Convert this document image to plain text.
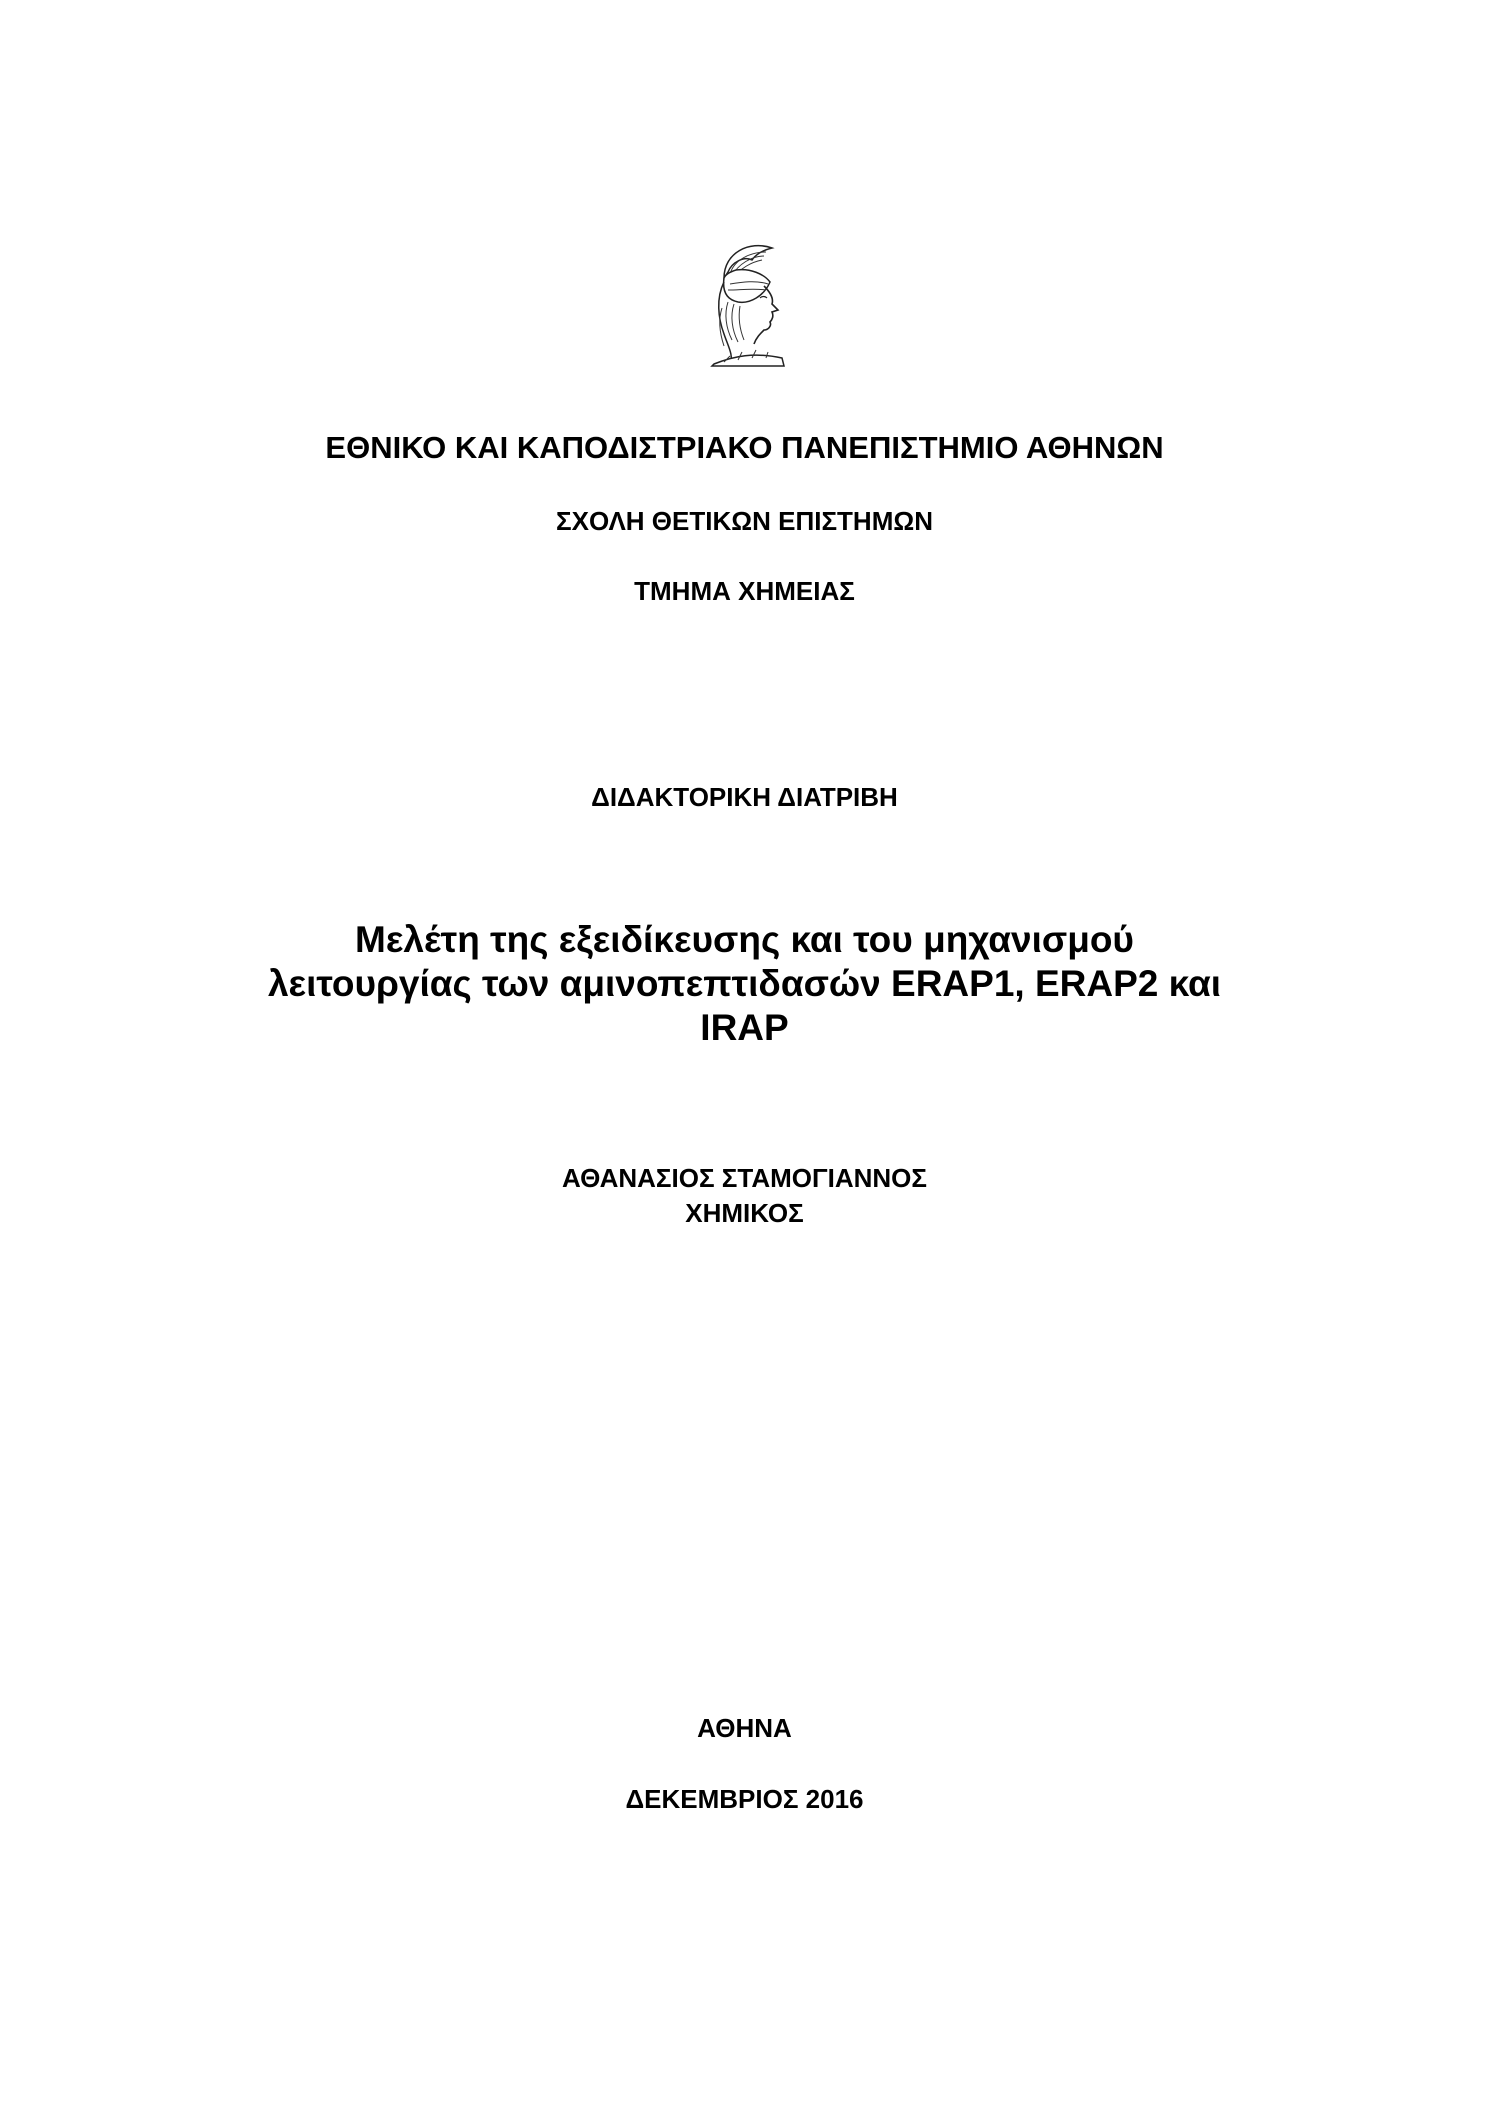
ΕΘΝΙΚΟ ΚΑΙ ΚΑΠΟΔΙΣΤΡΙΑΚΟ ΠΑΝΕΠΙΣΤΗΜΙΟ ΑΘΗΝΩΝ
ΣΧΟΛΗ ΘΕΤΙΚΩΝ ΕΠΙΣΤΗΜΩΝ
ΤΜΗΜΑ ΧΗΜΕΙΑΣ
ΔΙΔΑΚΤΟΡΙΚΗ ΔΙΑΤΡΙΒΗ
Μελέτη της εξειδίκευσης και του μηχανισμού
λειτουργίας των αμινοπεπτιδασών ERAP1, ERAP2 και
IRAP
ΑΘΑΝΑΣΙΟΣ ΣΤΑΜΟΓΙΑΝΝΟΣ
ΧΗΜΙΚΟΣ
ΑΘΗΝΑ
ΔΕΚΕΜΒΡΙΟΣ 2016
